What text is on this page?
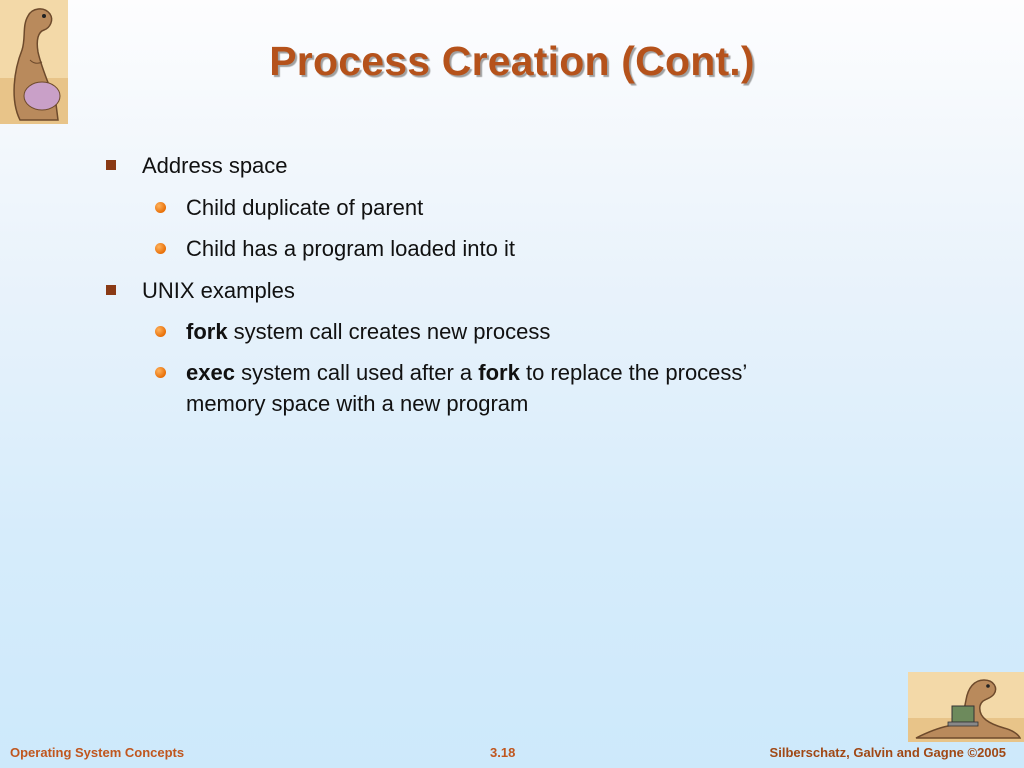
Process Creation (Cont.)
Address space
Child duplicate of parent
Child has a program loaded into it
UNIX examples
fork system call creates new process
exec system call used after a fork to replace the process’
memory space with a new program
Operating System Concepts	3.18	Silberschatz, Galvin and Gagne ©2005
